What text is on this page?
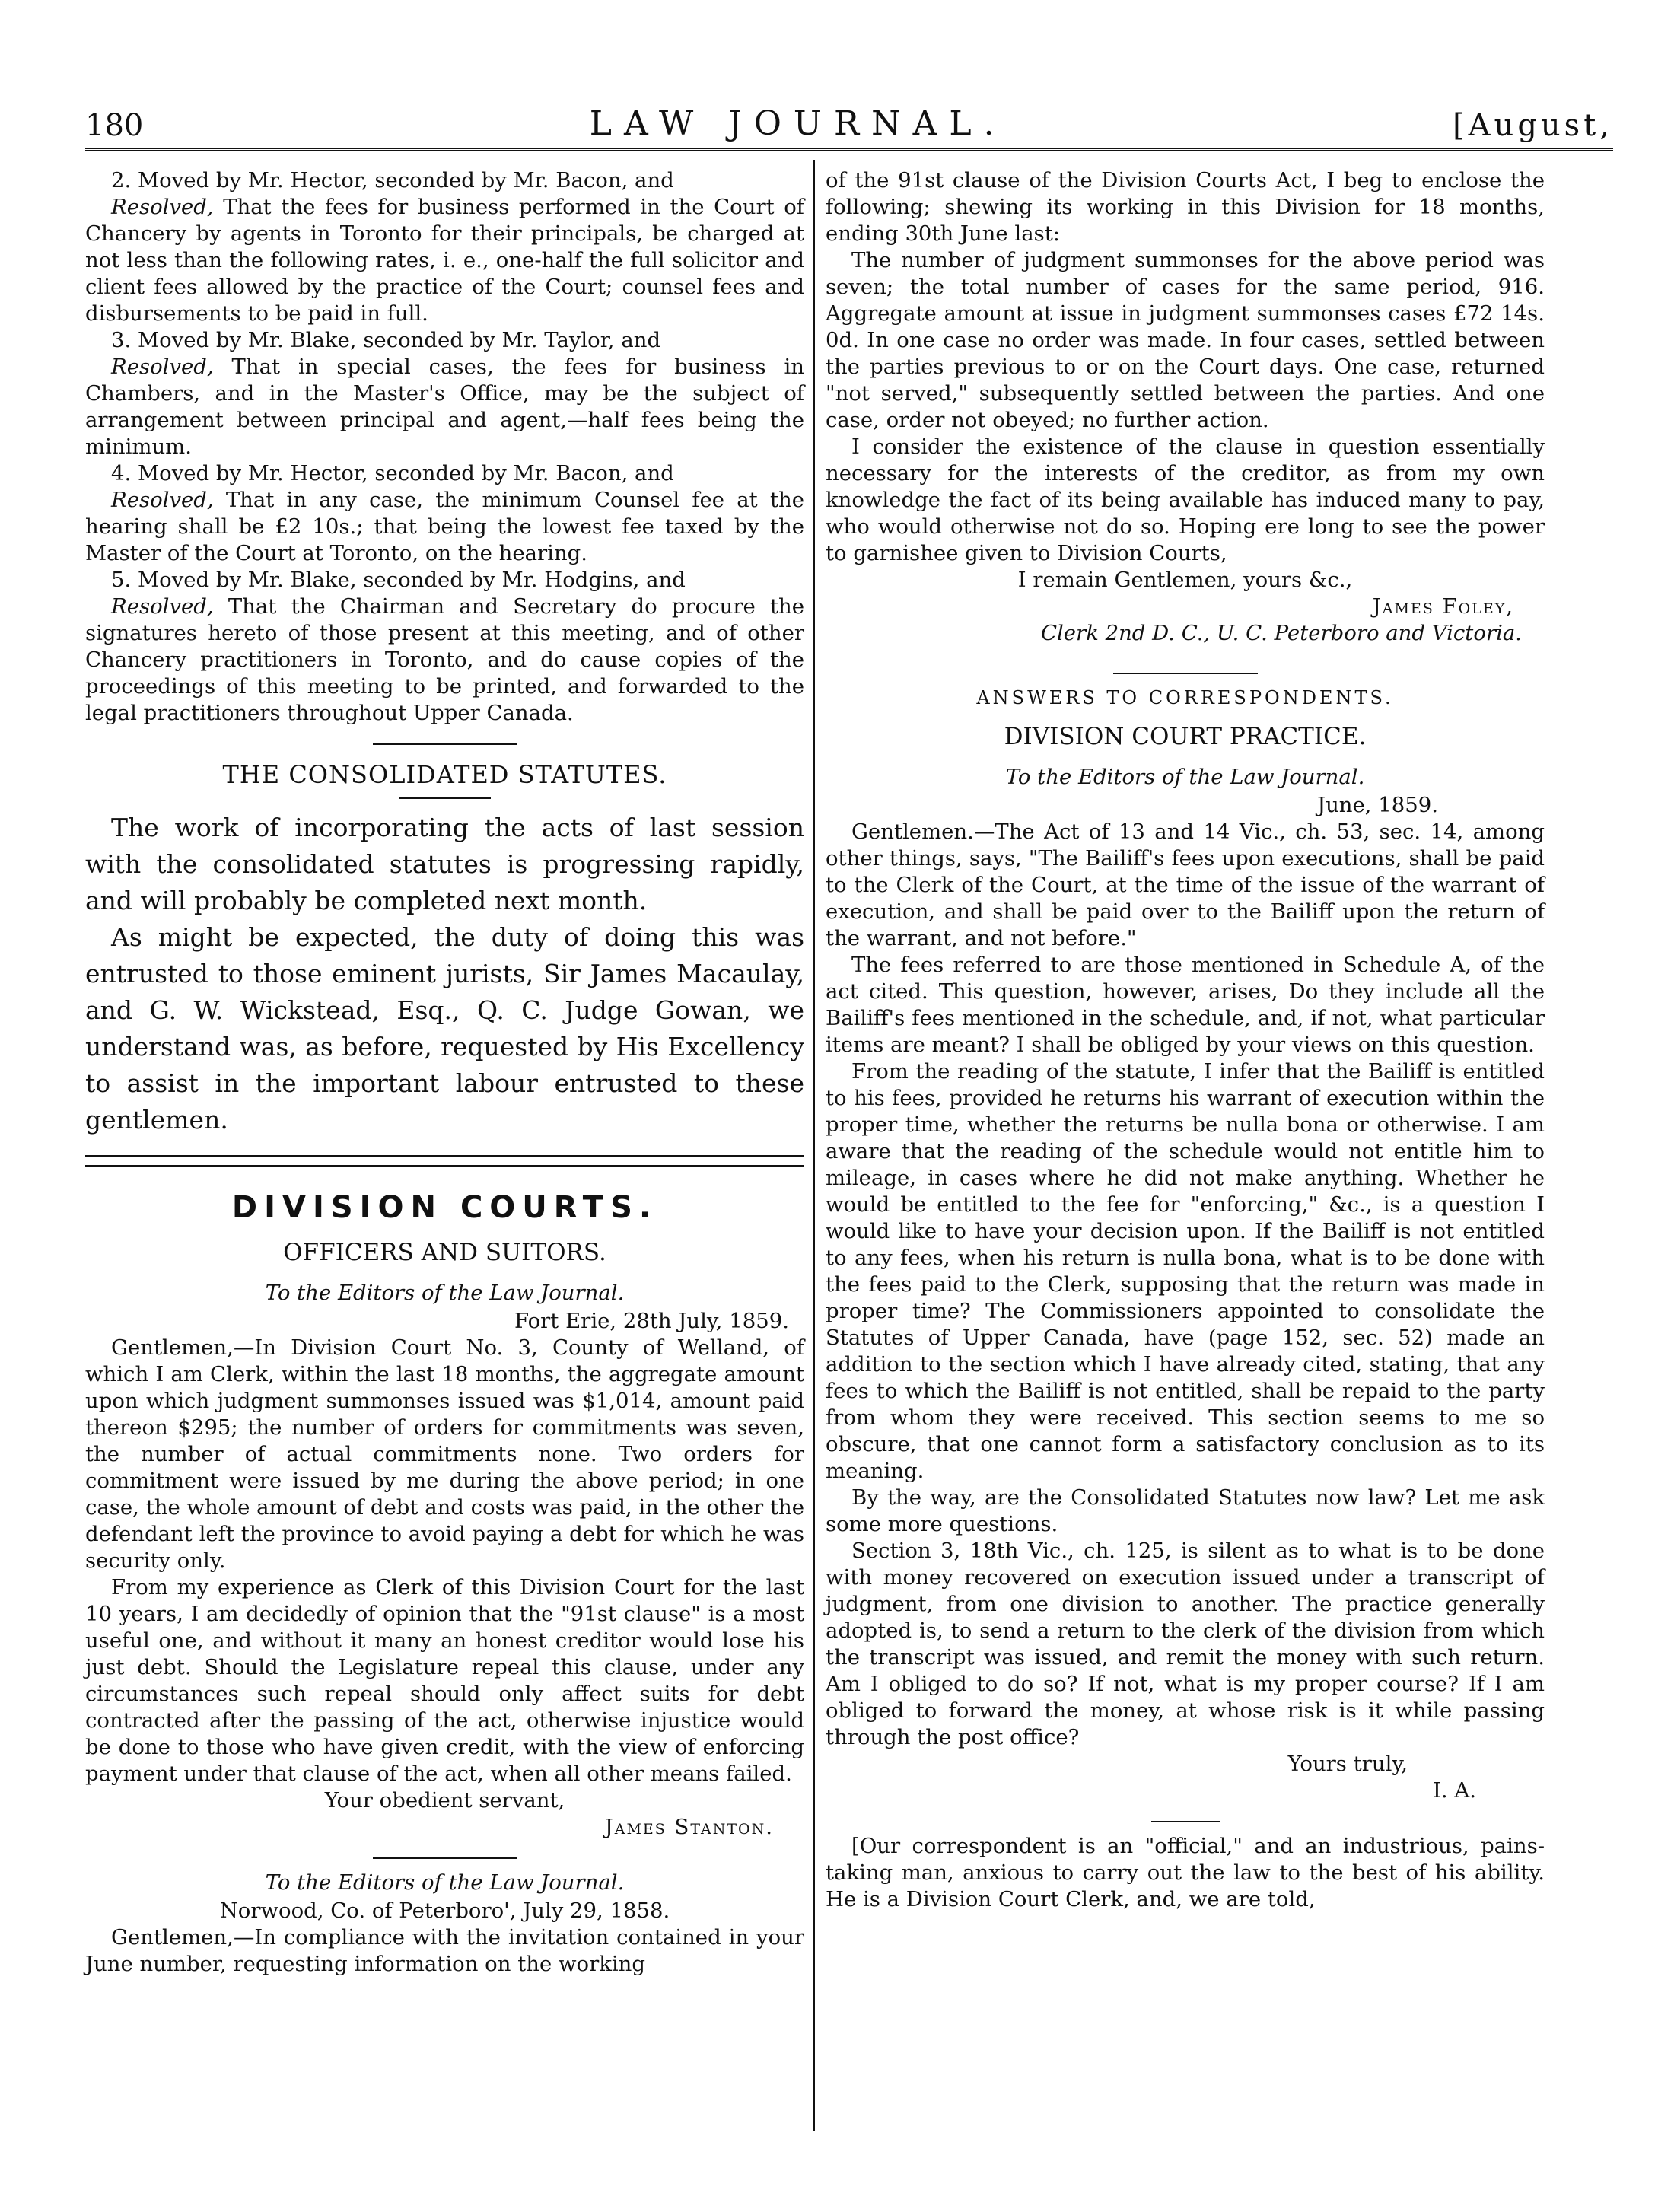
180	LAW JOURNAL.	[August,

2. Moved by Mr. Hector, seconded by Mr. Bacon, and

Resolved, That the fees for business performed in the Court of Chancery by agents in Toronto for their principals, be charged at not less than the following rates, i. e., one-half the full solicitor and client fees allowed by the practice of the Court; counsel fees and disbursements to be paid in full.

3. Moved by Mr. Blake, seconded by Mr. Taylor, and

Resolved, That in special cases, the fees for business in Chambers, and in the Master's Office, may be the subject of arrangement between principal and agent,—half fees being the minimum.

4. Moved by Mr. Hector, seconded by Mr. Bacon, and

Resolved, That in any case, the minimum Counsel fee at the hearing shall be £2 10s.; that being the lowest fee taxed by the Master of the Court at Toronto, on the hearing.

5. Moved by Mr. Blake, seconded by Mr. Hodgins, and

Resolved, That the Chairman and Secretary do procure the signatures hereto of those present at this meeting, and of other Chancery practitioners in Toronto, and do cause copies of the proceedings of this meeting to be printed, and forwarded to the legal practitioners throughout Upper Canada.

THE CONSOLIDATED STATUTES.

The work of incorporating the acts of last session with the consolidated statutes is progressing rapidly, and will probably be completed next month.

As might be expected, the duty of doing this was entrusted to those eminent jurists, Sir James Macaulay, and G. W. Wickstead, Esq., Q. C. Judge Gowan, we understand was, as before, requested by His Excellency to assist in the important labour entrusted to these gentlemen.

DIVISION COURTS.
OFFICERS AND SUITORS.
To the Editors of the Law Journal.
Fort Erie, 28th July, 1859.

Gentlemen,—In Division Court No. 3, County of Welland, of which I am Clerk, within the last 18 months, the aggregate amount upon which judgment summonses issued was $1,014, amount paid thereon $295; the number of orders for commitments was seven, the number of actual commitments none. Two orders for commitment were issued by me during the above period; in one case, the whole amount of debt and costs was paid, in the other the defendant left the province to avoid paying a debt for which he was security only.

From my experience as Clerk of this Division Court for the last 10 years, I am decidedly of opinion that the "91st clause" is a most useful one, and without it many an honest creditor would lose his just debt. Should the Legislature repeal this clause, under any circumstances such repeal should only affect suits for debt contracted after the passing of the act, otherwise injustice would be done to those who have given credit, with the view of enforcing payment under that clause of the act, when all other means failed.

Your obedient servant,
James Stanton.
To the Editors of the Law Journal.
Norwood, Co. of Peterboro', July 29, 1858.

Gentlemen,—In compliance with the invitation contained in your June number, requesting information on the working

of the 91st clause of the Division Courts Act, I beg to enclose the following; shewing its working in this Division for 18 months, ending 30th June last:

The number of judgment summonses for the above period was seven; the total number of cases for the same period, 916. Aggregate amount at issue in judgment summonses cases £72 14s. 0d. In one case no order was made. In four cases, settled between the parties previous to or on the Court days. One case, returned "not served," subsequently settled between the parties. And one case, order not obeyed; no further action.

I consider the existence of the clause in question essentially necessary for the interests of the creditor, as from my own knowledge the fact of its being available has induced many to pay, who would otherwise not do so. Hoping ere long to see the power to garnishee given to Division Courts,

I remain Gentlemen, yours &c.,
James Foley,
Clerk 2nd D. C., U. C. Peterboro and Victoria.
ANSWERS TO CORRESPONDENTS.
DIVISION COURT PRACTICE.
To the Editors of the Law Journal.
June, 1859.

Gentlemen.—The Act of 13 and 14 Vic., ch. 53, sec. 14, among other things, says, "The Bailiff's fees upon executions, shall be paid to the Clerk of the Court, at the time of the issue of the warrant of execution, and shall be paid over to the Bailiff upon the return of the warrant, and not before."

The fees referred to are those mentioned in Schedule A, of the act cited. This question, however, arises, Do they include all the Bailiff's fees mentioned in the schedule, and, if not, what particular items are meant? I shall be obliged by your views on this question.

From the reading of the statute, I infer that the Bailiff is entitled to his fees, provided he returns his warrant of execution within the proper time, whether the returns be nulla bona or otherwise. I am aware that the reading of the schedule would not entitle him to mileage, in cases where he did not make anything. Whether he would be entitled to the fee for "enforcing," &c., is a question I would like to have your decision upon. If the Bailiff is not entitled to any fees, when his return is nulla bona, what is to be done with the fees paid to the Clerk, supposing that the return was made in proper time? The Commissioners appointed to consolidate the Statutes of Upper Canada, have (page 152, sec. 52) made an addition to the section which I have already cited, stating, that any fees to which the Bailiff is not entitled, shall be repaid to the party from whom they were received. This section seems to me so obscure, that one cannot form a satisfactory conclusion as to its meaning.

By the way, are the Consolidated Statutes now law? Let me ask some more questions.

Section 3, 18th Vic., ch. 125, is silent as to what is to be done with money recovered on execution issued under a transcript of judgment, from one division to another. The practice generally adopted is, to send a return to the clerk of the division from which the transcript was issued, and remit the money with such return. Am I obliged to do so? If not, what is my proper course? If I am obliged to forward the money, at whose risk is it while passing through the post office?

Yours truly,
I. A.

[Our correspondent is an "official," and an industrious, pains-taking man, anxious to carry out the law to the best of his ability. He is a Division Court Clerk, and, we are told,
